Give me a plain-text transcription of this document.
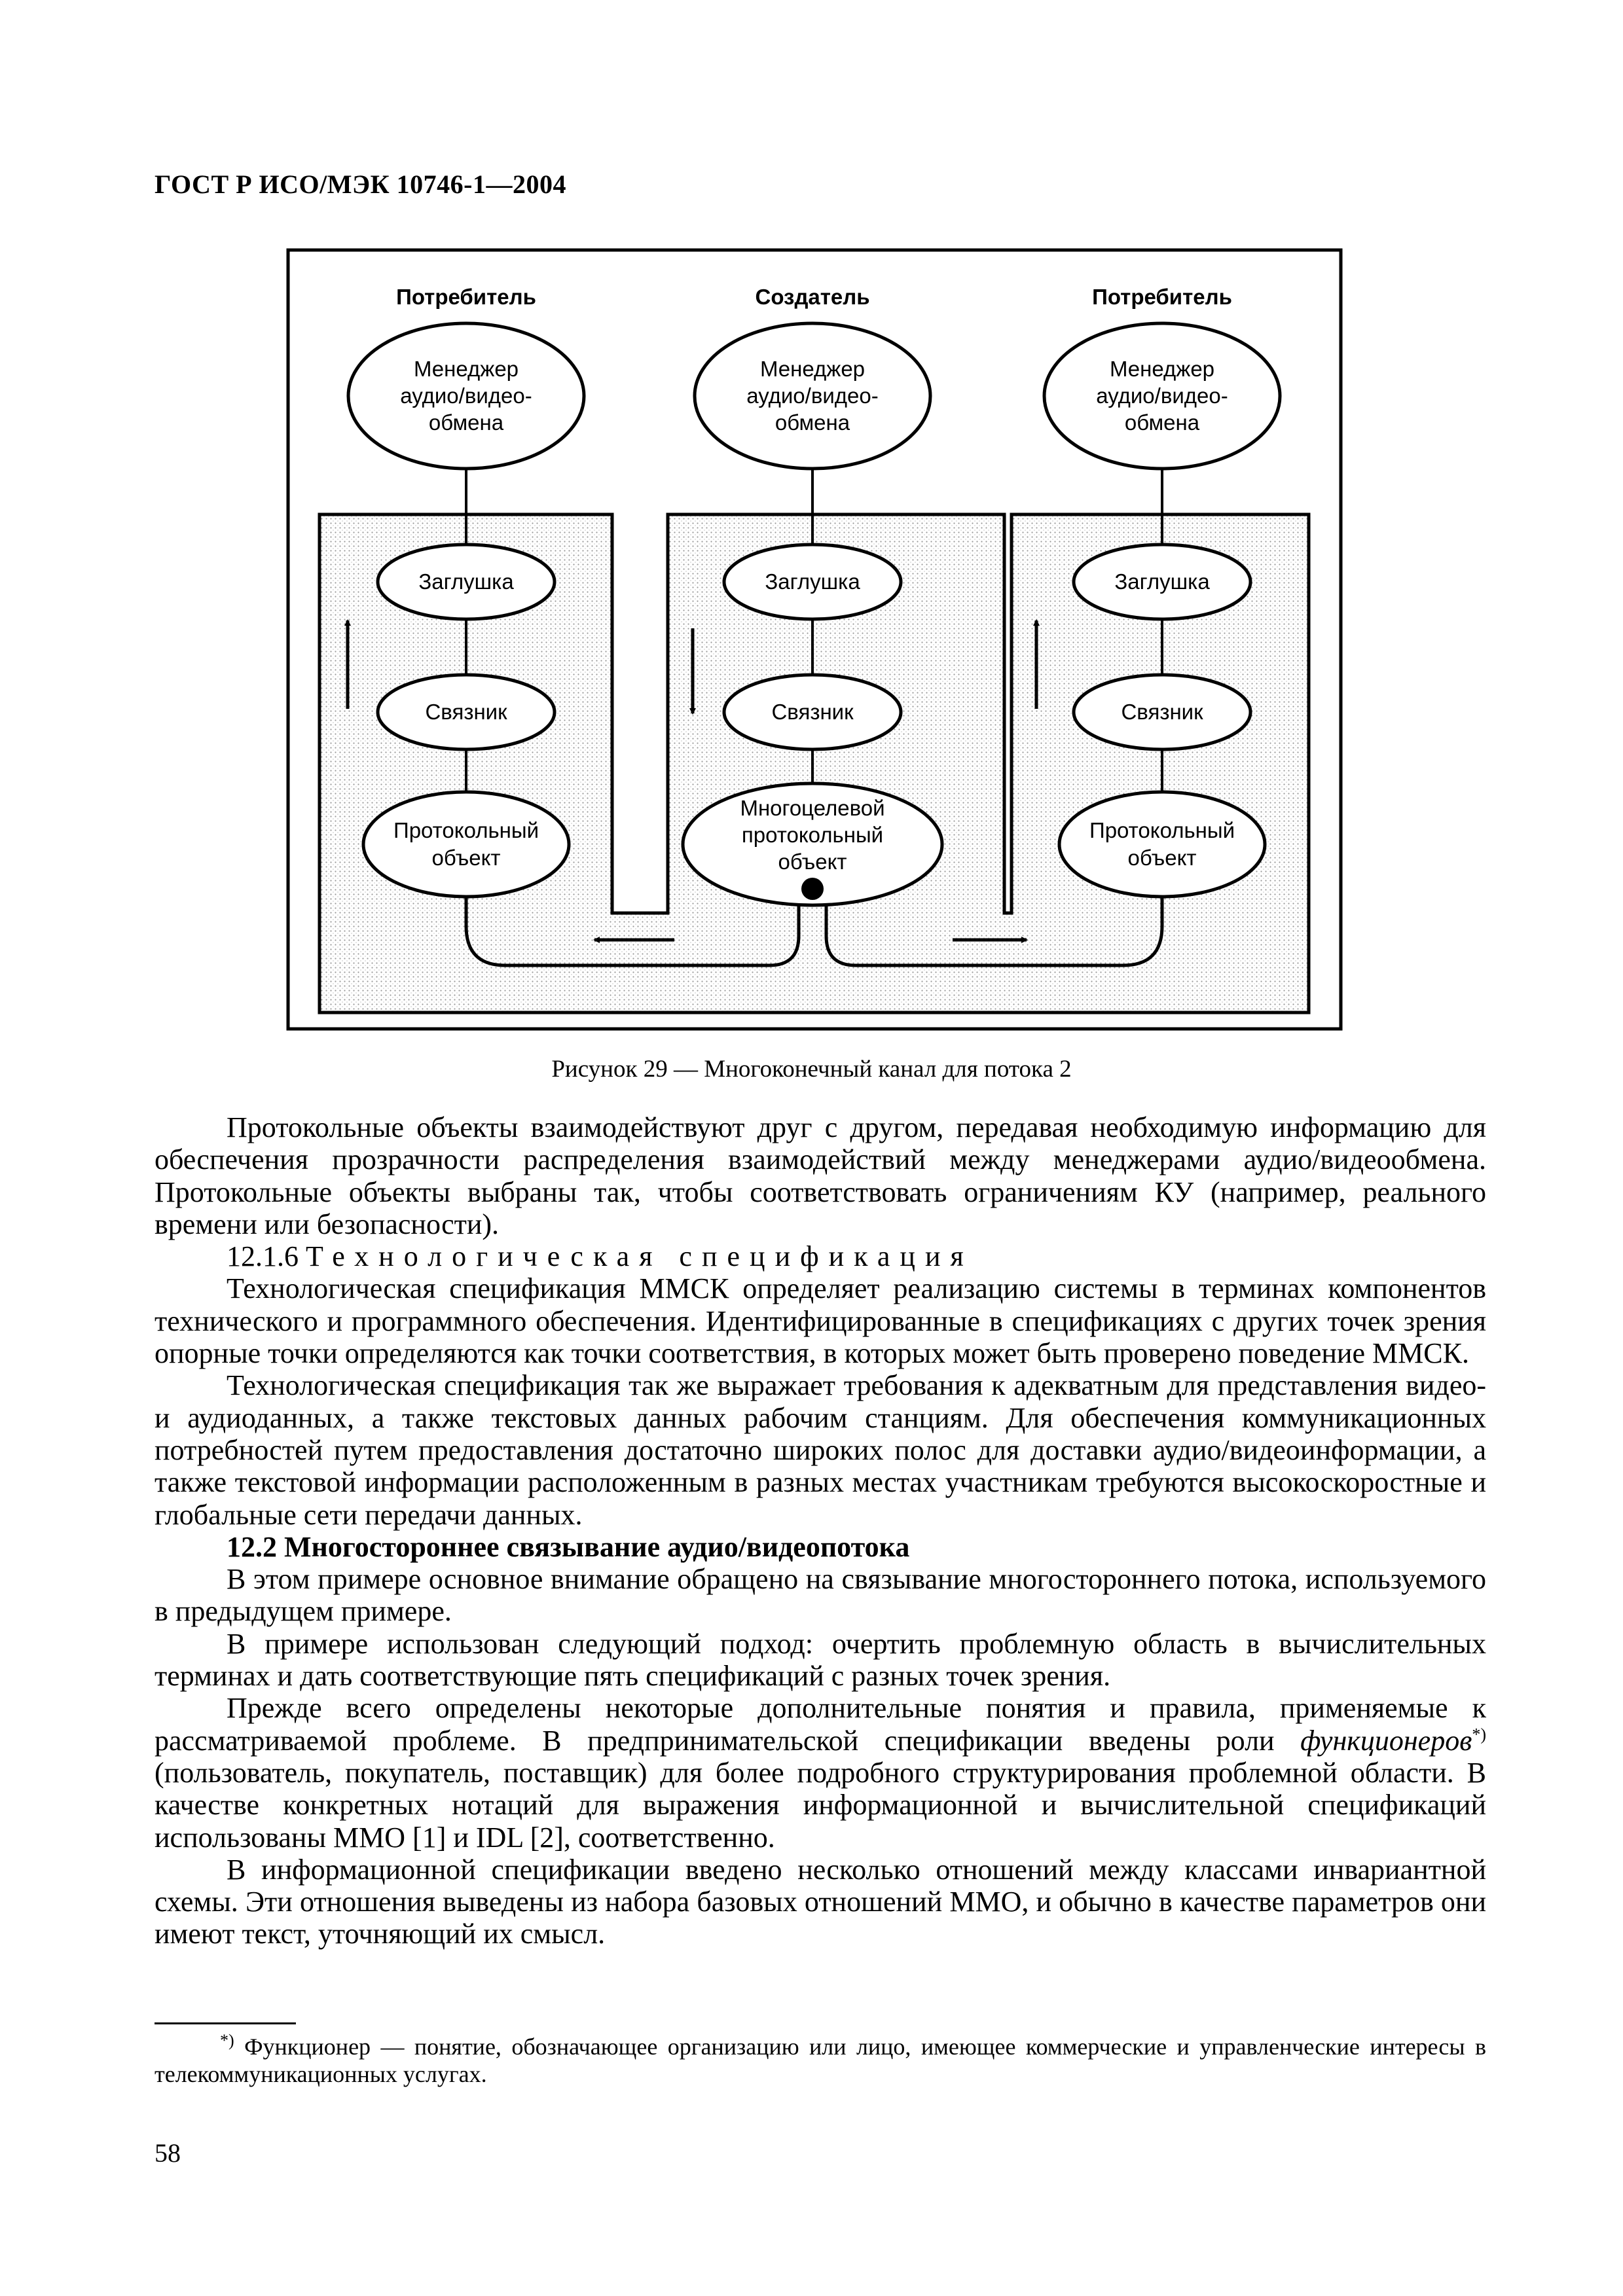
ГОСТ Р ИСО/МЭК 10746-1—2004
Потребитель	Создатель	Потребитель
Менеджер
аудио/видео-
обмена
Заглушка
Связник
Протокольный
объект
Менеджер
аудио/видео-
обмена
Заглушка
Связник
Многоцелевой
протокольный
объект
Менеджер
аудио/видео-
обмена
Заглушка
Связник
Протокольный
объект
Рисунок 29 — Многоконечный канал для потока 2

Протокольные объекты взаимодействуют друг с другом, передавая необходимую информацию для обеспечения прозрачности распределения взаимодействий между менеджерами аудио/видеообмена. Протокольные объекты выбраны так, чтобы соответствовать ограничениям КУ (например, реального времени или безопасности).

12.1.6 Технологическая спецификация

Технологическая спецификация ММСК определяет реализацию системы в терминах компонентов технического и программного обеспечения. Идентифицированные в спецификациях с других точек зрения опорные точки определяются как точки соответствия, в которых может быть проверено поведение ММСК.

Технологическая спецификация так же выражает требования к адекватным для представления видео- и аудиоданных, а также текстовых данных рабочим станциям. Для обеспечения коммуникационных потребностей путем предоставления достаточно широких полос для доставки аудио/видеоинформации, а также текстовой информации расположенным в разных местах участникам требуются высокоскоростные и глобальные сети передачи данных.

12.2 Многостороннее связывание аудио/видеопотока

В этом примере основное внимание обращено на связывание многостороннего потока, используемого в предыдущем примере.

В примере использован следующий подход: очертить проблемную область в вычислительных терминах и дать соответствующие пять спецификаций с разных точек зрения.

Прежде всего определены некоторые дополнительные понятия и правила, применяемые к рассматриваемой проблеме. В предпринимательской спецификации введены роли функционеров*) (пользователь, покупатель, поставщик) для более подробного структурирования проблемной области. В качестве конкретных нотаций для выражения информационной и вычислительной спецификаций использованы ММО [1] и IDL [2], соответственно.

В информационной спецификации введено несколько отношений между классами инвариантной схемы. Эти отношения выведены из набора базовых отношений ММО, и обычно в качестве параметров они имеют текст, уточняющий их смысл.

*) Функционер — понятие, обозначающее организацию или лицо, имеющее коммерческие и управленческие интересы в телекоммуникационных услугах.

58
